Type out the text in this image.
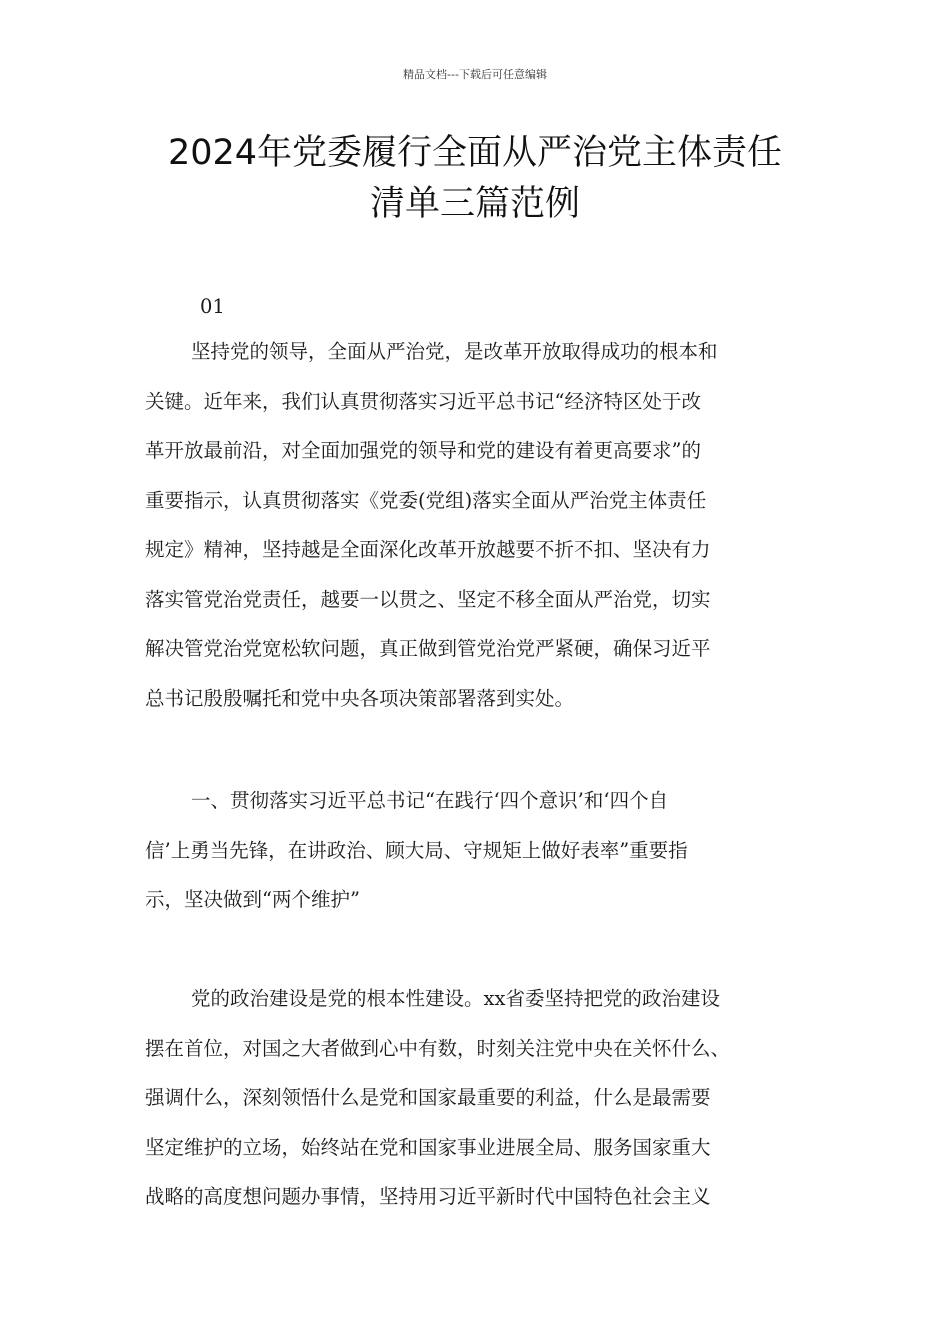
精品文档---下载后可任意编辑
2024年党委履行全面从严治党主体责任
清单三篇范例
01
坚持党的领导，全面从严治党，是改革开放取得成功的根本和
关键。近年来，我们认真贯彻落实习近平总书记“经济特区处于改
革开放最前沿，对全面加强党的领导和党的建设有着更高要求”的
重要指示，认真贯彻落实《党委(党组)落实全面从严治党主体责任
规定》精神，坚持越是全面深化改革开放越要不折不扣、坚决有力
落实管党治党责任，越要一以贯之、坚定不移全面从严治党，切实
解决管党治党宽松软问题，真正做到管党治党严紧硬，确保习近平
总书记殷殷嘱托和党中央各项决策部署落到实处。
一、贯彻落实习近平总书记“在践行‘四个意识’和‘四个自
信’上勇当先锋，在讲政治、顾大局、守规矩上做好表率”重要指
示，坚决做到“两个维护”
党的政治建设是党的根本性建设。xx省委坚持把党的政治建设
摆在首位，对国之大者做到心中有数，时刻关注党中央在关怀什么、
强调什么，深刻领悟什么是党和国家最重要的利益，什么是最需要
坚定维护的立场，始终站在党和国家事业进展全局、服务国家重大
战略的高度想问题办事情，坚持用习近平新时代中国特色社会主义
